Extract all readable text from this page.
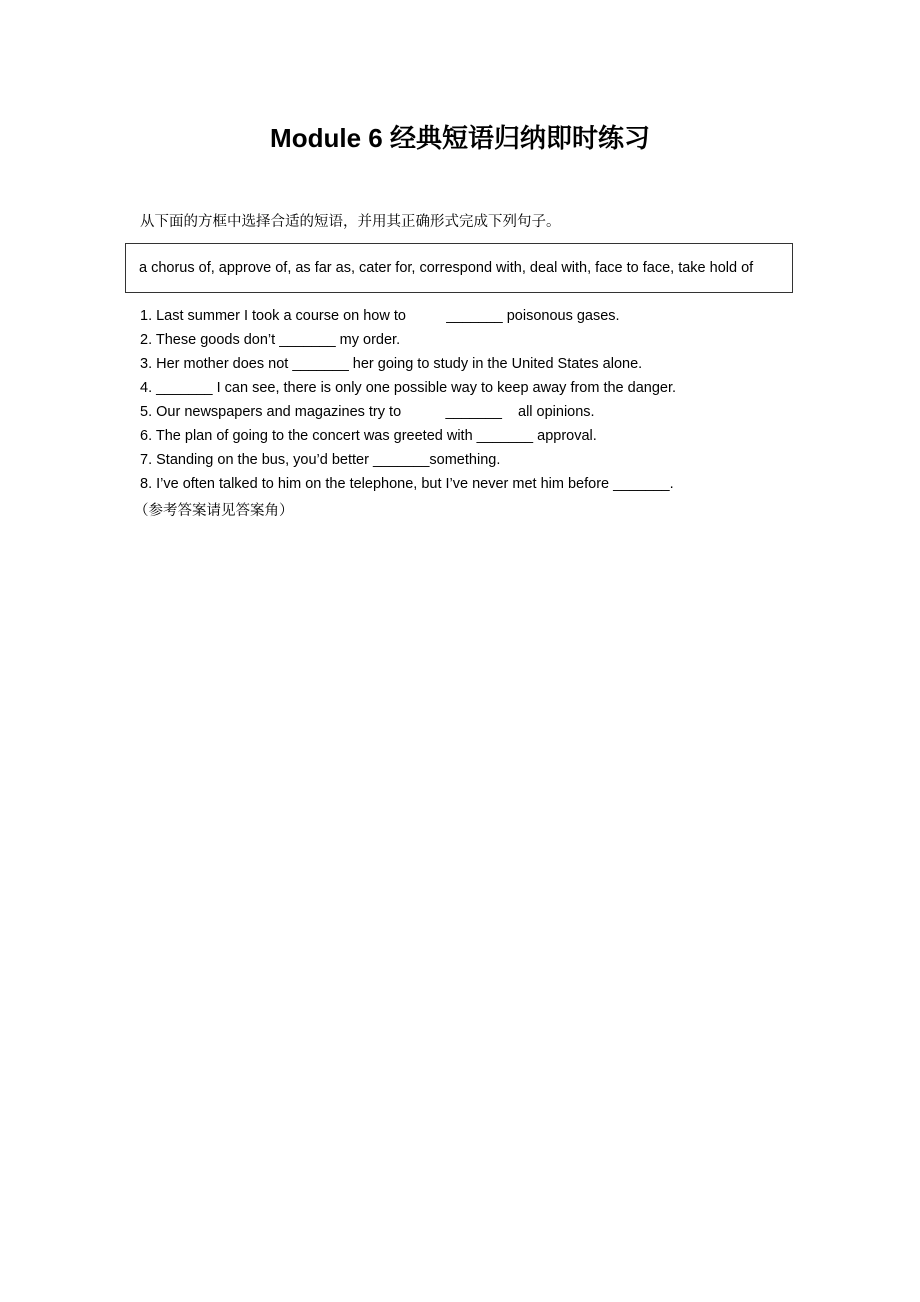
Module 6 经典短语归纳即时练习
从下面的方框中选择合适的短语，并用其正确形式完成下列句子。
a chorus of, approve of, as far as, cater for, correspond with, deal with, face to face, take hold of
1. Last summer I took a course on how to          _______ poisonous gases.
2. These goods don’t _______ my order.
3. Her mother does not _______ her going to study in the United States alone.
4. _______ I can see, there is only one possible way to keep away from the danger.
5. Our newspapers and magazines try to           _______    all opinions.
6. The plan of going to the concert was greeted with _______ approval.
7. Standing on the bus, you’d better _______something.
8. I’ve often talked to him on the telephone, but I’ve never met him before _______.
（参考答案请见答案角）
